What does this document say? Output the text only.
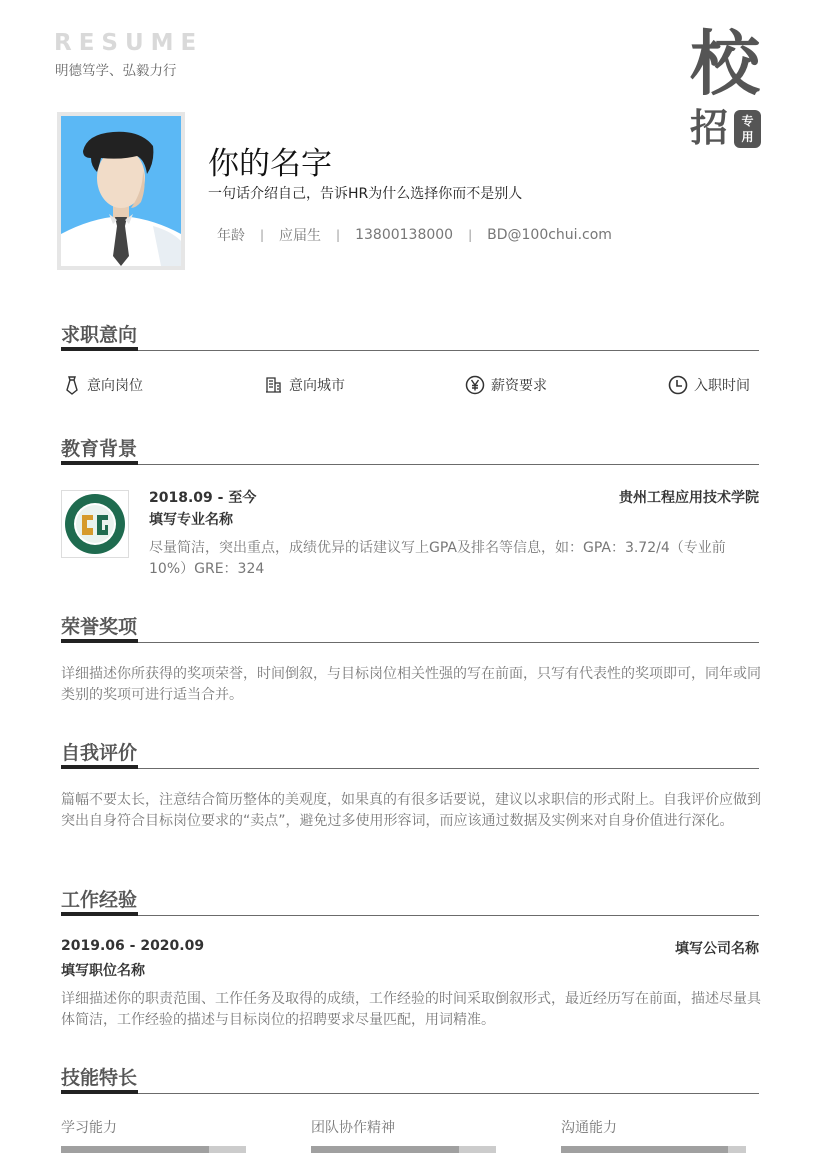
RESUME
明德笃学、弘毅力行	校
招	专
用
你的名字
一句话介绍自己，告诉HR为什么选择你而不是别人
年龄 | 应届生 | 13800138000 | BD@100chui.com
求职意向
意向岗位	意向城市	薪资要求	入职时间
教育背景
2018.09 - 至今	贵州工程应用技术学院
填写专业名称
尽量简洁，突出重点，成绩优异的话建议写上GPA及排名等信息，如：GPA：3.72/4（专业前10%）GRE：324
荣誉奖项
详细描述你所获得的奖项荣誉，时间倒叙，与目标岗位相关性强的写在前面，只写有代表性的奖项即可，同年或同类别的奖项可进行适当合并。
自我评价
篇幅不要太长，注意结合简历整体的美观度，如果真的有很多话要说，建议以求职信的形式附上。自我评价应做到突出自身符合目标岗位要求的“卖点”，避免过多使用形容词，而应该通过数据及实例来对自身价值进行深化。
工作经验
2019.06 - 2020.09	填写公司名称
填写职位名称
详细描述你的职责范围、工作任务及取得的成绩，工作经验的时间采取倒叙形式，最近经历写在前面，描述尽量具体简洁，工作经验的描述与目标岗位的招聘要求尽量匹配，用词精准。
技能特长
学习能力	团队协作精神	沟通能力
